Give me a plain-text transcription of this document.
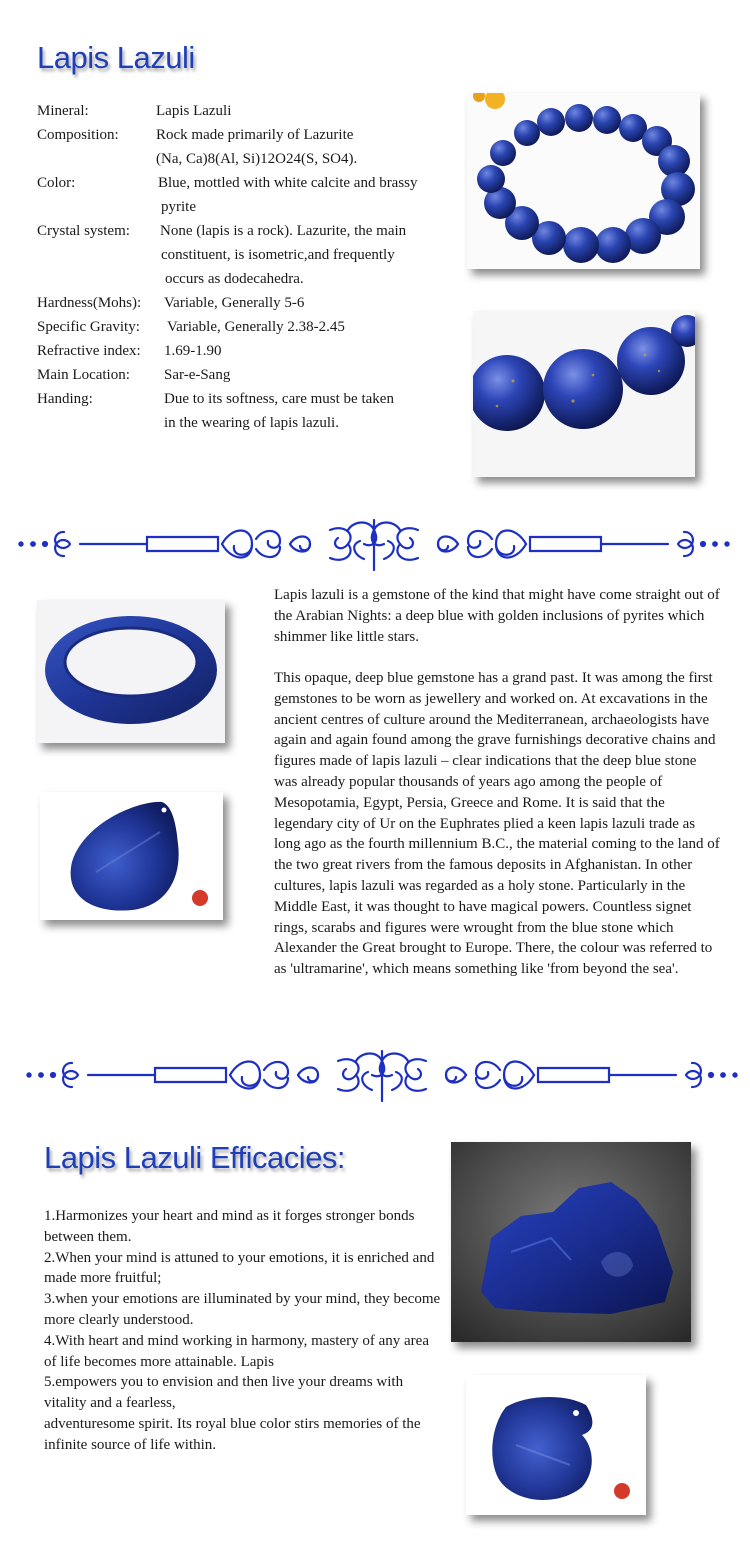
Lapis Lazuli
Mineral:	Lapis Lazuli
Composition: Rock made primarily of Lazurite
(Na, Ca)8(Al, Si)12O24(S, SO4).
Color:	Blue, mottled with white calcite and brassy
pyrite
Crystal system: None (lapis is a rock). Lazurite, the main
constituent, is isometric,and frequently
occurs as dodecahedra.
Hardness(Mohs): Variable, Generally 5-6
Specific Gravity: Variable, Generally 2.38-2.45
Refractive index: 1.69-1.90
Main Location: Sar-e-Sang
Handing:	Due to its softness, care must be taken
in the wearing of lapis lazuli.

Lapis lazuli is a gemstone of the kind that might have come straight out of the Arabian Nights: a deep blue with golden inclusions of pyrites which shimmer like little stars.

This opaque, deep blue gemstone has a grand past. It was among the first gemstones to be worn as jewellery and worked on. At excavations in the ancient centres of culture around the Mediterranean, archaeologists have again and again found among the grave furnishings decorative chains and figures made of lapis lazuli – clear indications that the deep blue stone was already popular thousands of years ago among the people of Mesopotamia, Egypt, Persia, Greece and Rome. It is said that the legendary city of Ur on the Euphrates plied a keen lapis lazuli trade as long ago as the fourth millennium B.C., the material coming to the land of the two great rivers from the famous deposits in Afghanistan. In other cultures, lapis lazuli was regarded as a holy stone. Particularly in the Middle East, it was thought to have magical powers. Countless signet rings, scarabs and figures were wrought from the blue stone which Alexander the Great brought to Europe. There, the colour was referred to as 'ultramarine', which means something like 'from beyond the sea'.

Lapis Lazuli Efficacies:

1.Harmonizes your heart and mind as it forges stronger bonds between them.

2.When your mind is attuned to your emotions, it is enriched and made more fruitful;

3.when your emotions are illuminated by your mind, they become more clearly understood.

4.With heart and mind working in harmony, mastery of any area of life becomes more attainable. Lapis

5.empowers you to envision and then live your dreams with vitality and a fearless,

adventuresome spirit. Its royal blue color stirs memories of the infinite source of life within.
